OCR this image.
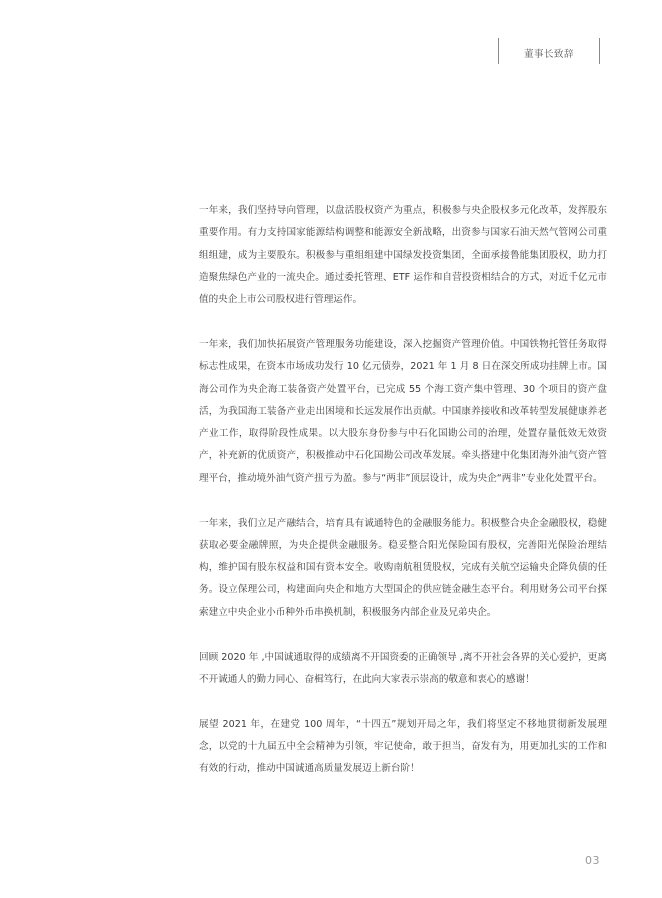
董事长致辞

一年来，我们坚持导向管理，以盘活股权资产为重点，积极参与央企股权多元化改革，发挥股东重要作用。有力支持国家能源结构调整和能源安全新战略，出资参与国家石油天然气管网公司重组组建，成为主要股东。积极参与重组组建中国绿发投资集团，全面承接鲁能集团股权，助力打造聚焦绿色产业的一流央企。通过委托管理、ETF 运作和自营投资相结合的方式，对近千亿元市值的央企上市公司股权进行管理运作。

一年来，我们加快拓展资产管理服务功能建设，深入挖掘资产管理价值。中国铁物托管任务取得标志性成果，在资本市场成功发行 10 亿元债券，2021 年 1 月 8 日在深交所成功挂牌上市。国海公司作为央企海工装备资产处置平台，已完成 55 个海工资产集中管理、30 个项目的资产盘活，为我国海工装备产业走出困境和长远发展作出贡献。中国康养接收和改革转型发展健康养老产业工作，取得阶段性成果。以大股东身份参与中石化国勘公司的治理，处置存量低效无效资产，补充新的优质资产，积极推动中石化国勘公司改革发展。牵头搭建中化集团海外油气资产管理平台，推动境外油气资产扭亏为盈。参与“两非”顶层设计，成为央企“两非”专业化处置平台。

一年来，我们立足产融结合，培育具有诚通特色的金融服务能力。积极整合央企金融股权，稳健获取必要金融牌照，为央企提供金融服务。稳妥整合阳光保险国有股权，完善阳光保险治理结构，维护国有股东权益和国有资本安全。收购南航租赁股权，完成有关航空运输央企降负债的任务。设立保理公司，构建面向央企和地方大型国企的供应链金融生态平台。利用财务公司平台探索建立中央企业小币种外币串换机制，积极服务内部企业及兄弟央企。

回顾 2020 年 ,中国诚通取得的成绩离不开国资委的正确领导 ,离不开社会各界的关心爱护，更离不开诚通人的勤力同心、奋楫笃行，在此向大家表示崇高的敬意和衷心的感谢！

展望 2021 年，在建党 100 周年，“十四五”规划开局之年，我们将坚定不移地贯彻新发展理念，以党的十九届五中全会精神为引领，牢记使命，敢于担当，奋发有为，用更加扎实的工作和有效的行动，推动中国诚通高质量发展迈上新台阶！

03
